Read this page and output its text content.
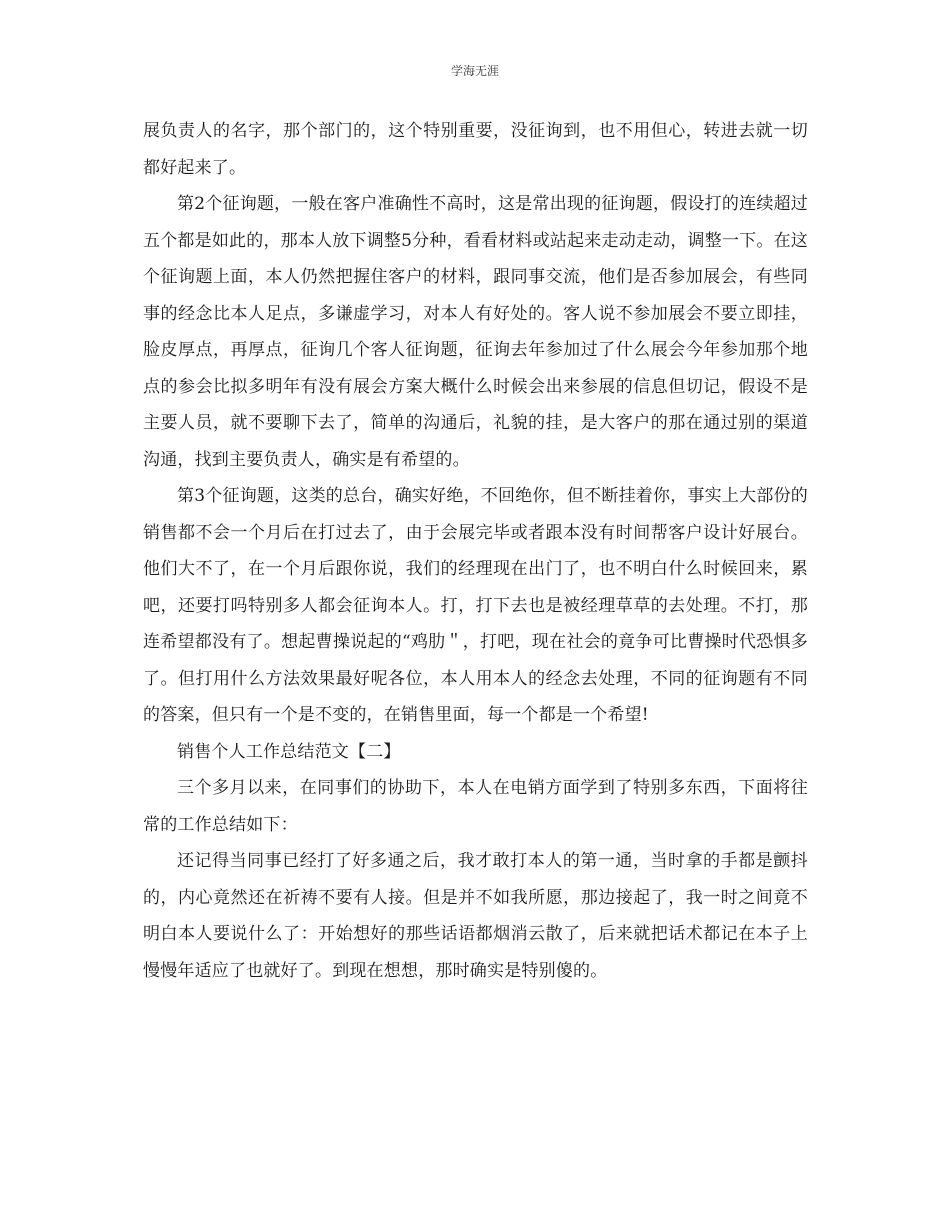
学海无涯

展负责人的名字，那个部门的，这个特别重要，没征询到，也不用但心，转进去就一切都好起来了。

第2个征询题，一般在客户准确性不高时，这是常出现的征询题，假设打的连续超过五个都是如此的，那本人放下调整5分种，看看材料或站起来走动走动，调整一下。在这个征询题上面，本人仍然把握住客户的材料，跟同事交流，他们是否参加展会，有些同事的经念比本人足点，多谦虚学习，对本人有好处的。客人说不参加展会不要立即挂，脸皮厚点，再厚点，征询几个客人征询题，征询去年参加过了什么展会今年参加那个地点的参会比拟多明年有没有展会方案大概什么时候会出来参展的信息但切记，假设不是主要人员，就不要聊下去了，简单的沟通后，礼貌的挂，是大客户的那在通过别的渠道沟通，找到主要负责人，确实是有希望的。

第3个征询题，这类的总台，确实好绝，不回绝你，但不断挂着你，事实上大部份的销售都不会一个月后在打过去了，由于会展完毕或者跟本没有时间帮客户设计好展台。他们大不了，在一个月后跟你说，我们的经理现在出门了，也不明白什么时候回来，累吧，还要打吗特别多人都会征询本人。打，打下去也是被经理草草的去处理。不打，那连希望都没有了。想起曹操说起的“鸡肋＂，打吧，现在社会的竟争可比曹操时代恐惧多了。但打用什么方法效果最好呢各位，本人用本人的经念去处理，不同的征询题有不同的答案，但只有一个是不变的，在销售里面，每一个都是一个希望!

销售个人工作总结范文【二】

三个多月以来，在同事们的协助下，本人在电销方面学到了特别多东西，下面将往常的工作总结如下：

还记得当同事已经打了好多通之后，我才敢打本人的第一通，当时拿的手都是颤抖的，内心竟然还在祈祷不要有人接。但是并不如我所愿，那边接起了，我一时之间竟不明白本人要说什么了：开始想好的那些话语都烟消云散了，后来就把话术都记在本子上慢慢年适应了也就好了。到现在想想，那时确实是特别傻的。
